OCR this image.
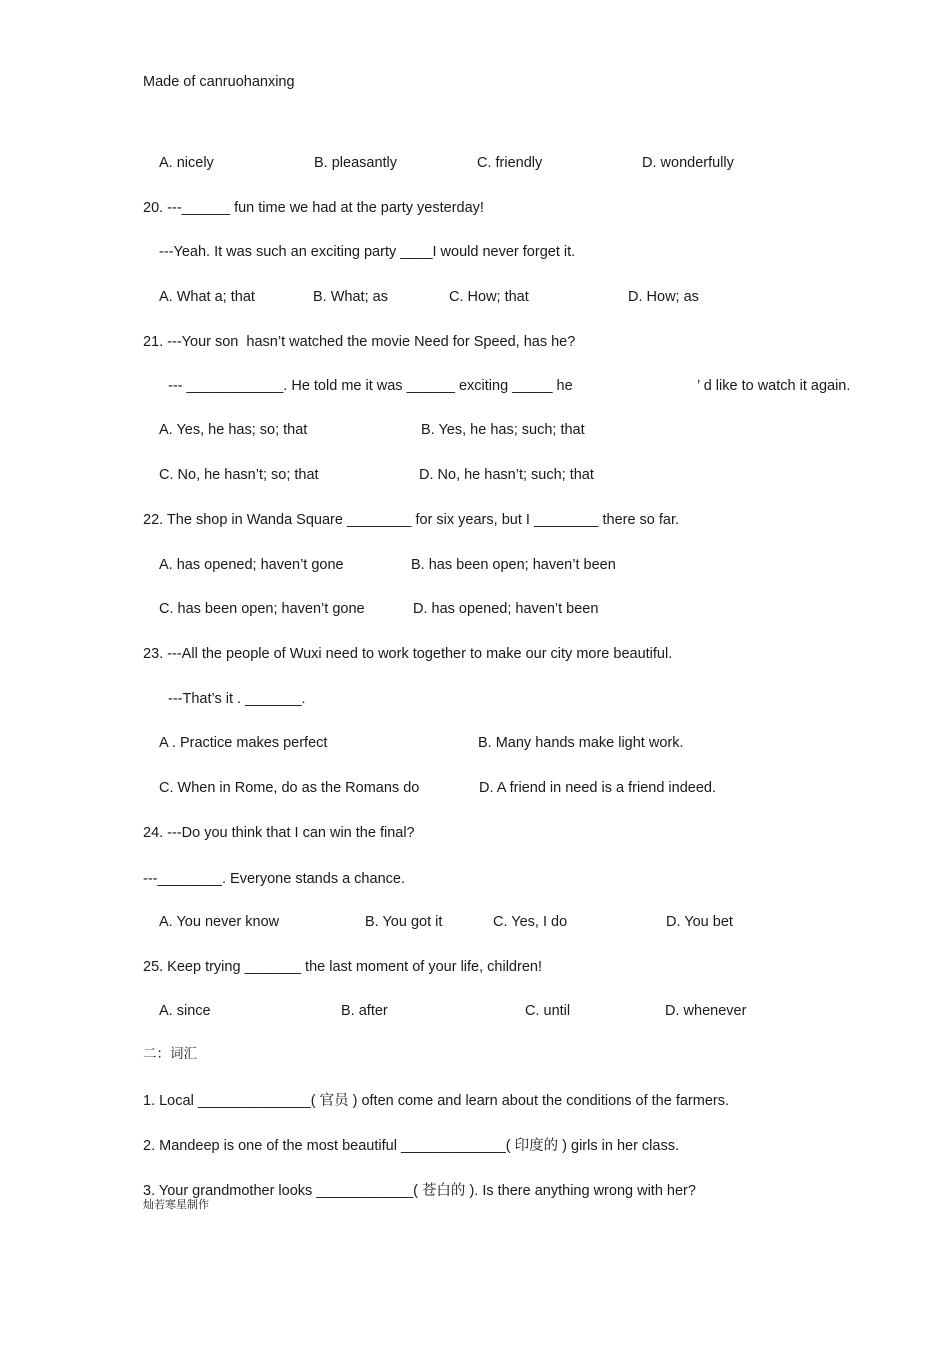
Made of canruohanxing
A. nicely	B. pleasantly	C. friendly	D. wonderfully
20. ---______ fun time we had at the party yesterday!
---Yeah. It was such an exciting party ____I would never forget it.
A. What a; that	B. What; as	C. How; that	D. How; as
21. ---Your son  hasn’t watched the movie Need for Speed, has he?
--- ____________. He told me it was ______ exciting _____ he	’ d like to watch it again.
A. Yes, he has; so; that	B. Yes, he has; such; that
C. No, he hasn’t; so; that	D. No, he hasn’t; such; that
22. The shop in Wanda Square ________ for six years, but I ________ there so far.
A. has opened; haven’t gone	B. has been open; haven’t been
C. has been open; haven’t gone	D. has opened; haven’t been
23. ---All the people of Wuxi need to work together to make our city more beautiful.
---That’s it . _______.
A . Practice makes perfect	B. Many hands make light work.
C. When in Rome, do as the Romans do	D. A friend in need is a friend indeed.
24. ---Do you think that I can win the final?
---________. Everyone stands a chance.
A. You never know	B. You got it	C. Yes, I do	D. You bet
25. Keep trying _______ the last moment of your life, children!
A. since	B. after	C. until	D. whenever
二：词汇
1. Local ______________( 官员 ) often come and learn about the conditions of the farmers.
2. Mandeep is one of the most beautiful _____________( 印度的 ) girls in her class.
3. Your grandmother looks ____________( 苍白的 ). Is there anything wrong with her?
灿若寒星制作
